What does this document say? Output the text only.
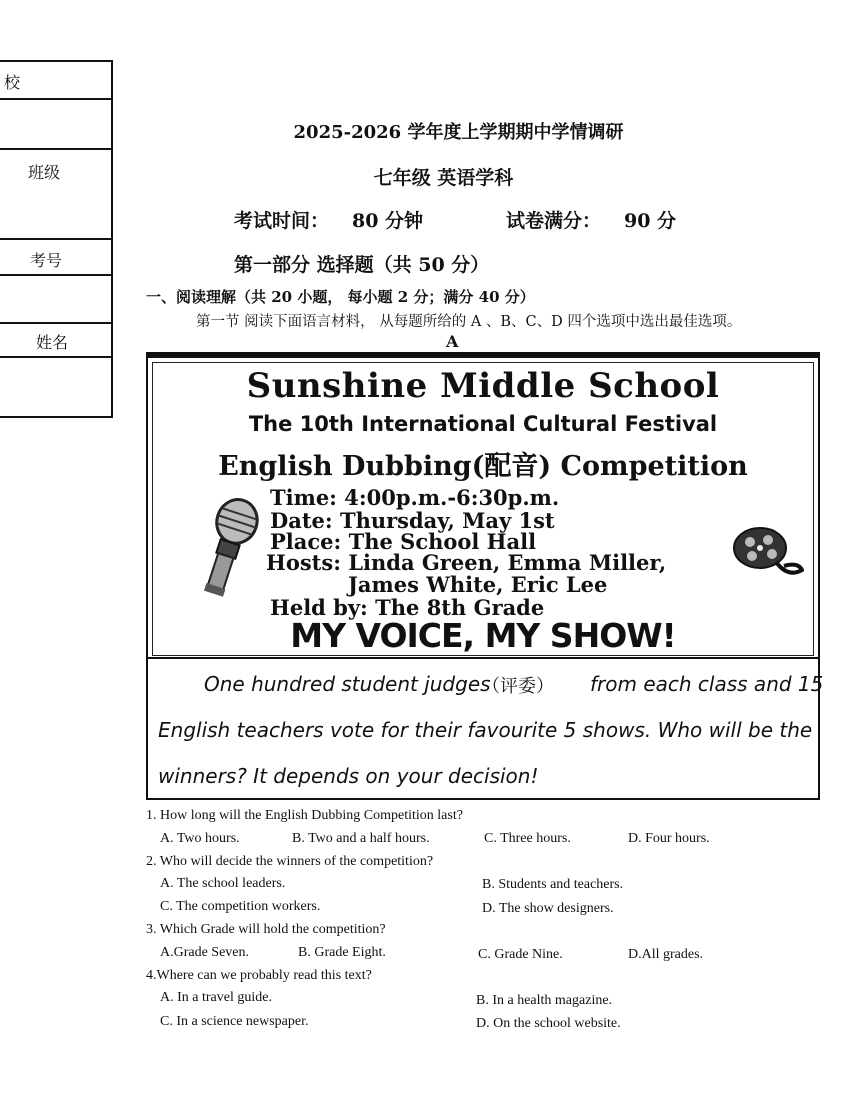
校
班级
考号
姓名
2025-2026 学年度上学期期中学情调研
七年级 英语学科
考试时间： 80 分钟	试卷满分： 90 分
第一部分 选择题（共 50 分）
一、阅读理解（共 20 小题， 每小题 2 分；满分 40 分）
第一节 阅读下面语言材料， 从每题所给的 A 、B、C、D 四个选项中选出最佳选项。
A
Sunshine Middle School
The 10th International Cultural Festival
English Dubbing(配音) Competition
Time: 4:00p.m.-6:30p.m.
Date: Thursday, May 1st
Place: The School Hall
Hosts: Linda Green, Emma Miller,
James White, Eric Lee
Held by: The 8th Grade
MY VOICE, MY SHOW!
One hundred student judges
（评委） from each class and 15
English teachers vote for their favourite 5 shows. Who will be the
winners? It depends on your decision!
1. How long will the English Dubbing Competition last?
A. Two hours.	B. Two and a half hours.	C. Three hours.	D. Four hours.
2. Who will decide the winners of the competition?
A. The school leaders.	B. Students and teachers.
C. The competition workers.	D. The show designers.
3. Which Grade will hold the competition?
A.Grade Seven.	B. Grade Eight.	C. Grade Nine.	D.All grades.
4.Where can we probably read this text?
A. In a travel guide.	B. In a health magazine.
C. In a science newspaper.	D. On the school website.
